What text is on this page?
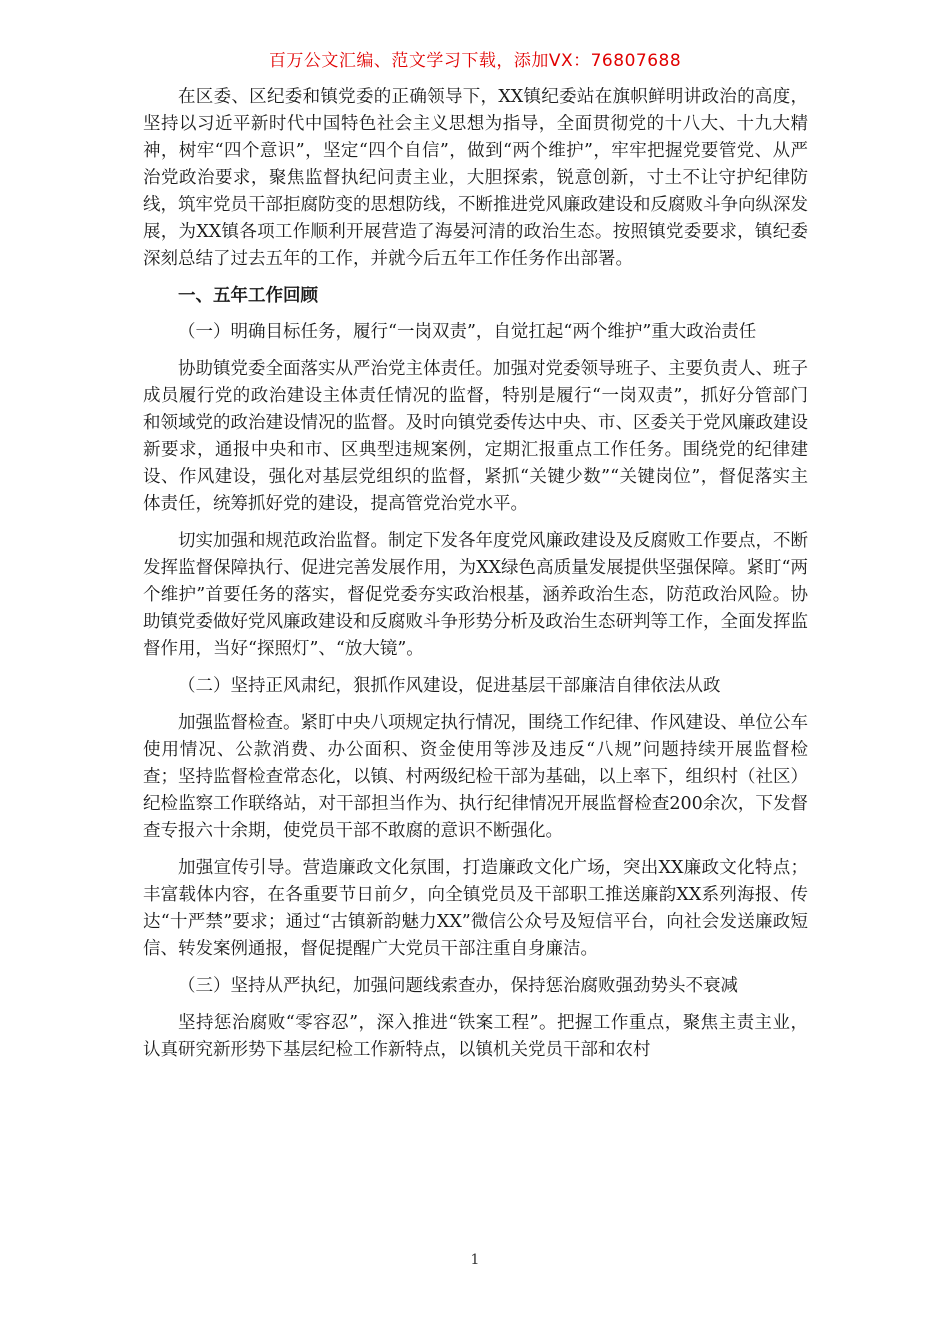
百万公文汇编、范文学习下载，添加VX：76807688

在区委、区纪委和镇党委的正确领导下，XX镇纪委站在旗帜鲜明讲政治的高度，坚持以习近平新时代中国特色社会主义思想为指导，全面贯彻党的十八大、十九大精神，树牢“四个意识”，坚定“四个自信”，做到“两个维护”，牢牢把握党要管党、从严治党政治要求，聚焦监督执纪问责主业，大胆探索，锐意创新，寸土不让守护纪律防线，筑牢党员干部拒腐防变的思想防线，不断推进党风廉政建设和反腐败斗争向纵深发展，为XX镇各项工作顺利开展营造了海晏河清的政治生态。按照镇党委要求，镇纪委深刻总结了过去五年的工作，并就今后五年工作任务作出部署。

一、五年工作回顾

（一）明确目标任务，履行“一岗双责”，自觉扛起“两个维护”重大政治责任

协助镇党委全面落实从严治党主体责任。加强对党委领导班子、主要负责人、班子成员履行党的政治建设主体责任情况的监督，特别是履行“一岗双责”，抓好分管部门和领域党的政治建设情况的监督。及时向镇党委传达中央、市、区委关于党风廉政建设新要求，通报中央和市、区典型违规案例，定期汇报重点工作任务。围绕党的纪律建设、作风建设，强化对基层党组织的监督，紧抓“关键少数”“关键岗位”，督促落实主体责任，统筹抓好党的建设，提高管党治党水平。

切实加强和规范政治监督。制定下发各年度党风廉政建设及反腐败工作要点，不断发挥监督保障执行、促进完善发展作用，为XX绿色高质量发展提供坚强保障。紧盯“两个维护”首要任务的落实，督促党委夯实政治根基，涵养政治生态，防范政治风险。协助镇党委做好党风廉政建设和反腐败斗争形势分析及政治生态研判等工作，全面发挥监督作用，当好“探照灯”、“放大镜”。

（二）坚持正风肃纪，狠抓作风建设，促进基层干部廉洁自律依法从政

加强监督检查。紧盯中央八项规定执行情况，围绕工作纪律、作风建设、单位公车使用情况、公款消费、办公面积、资金使用等涉及违反“八规”问题持续开展监督检查；坚持监督检查常态化，以镇、村两级纪检干部为基础，以上率下，组织村（社区）纪检监察工作联络站，对干部担当作为、执行纪律情况开展监督检查200余次，下发督查专报六十余期，使党员干部不敢腐的意识不断强化。

加强宣传引导。营造廉政文化氛围，打造廉政文化广场，突出XX廉政文化特点；丰富载体内容，在各重要节日前夕，向全镇党员及干部职工推送廉韵XX系列海报、传达“十严禁”要求；通过“古镇新韵魅力XX”微信公众号及短信平台，向社会发送廉政短信、转发案例通报，督促提醒广大党员干部注重自身廉洁。

（三）坚持从严执纪，加强问题线索查办，保持惩治腐败强劲势头不衰减

坚持惩治腐败“零容忍”，深入推进“铁案工程”。把握工作重点，聚焦主责主业，认真研究新形势下基层纪检工作新特点，以镇机关党员干部和农村

1
